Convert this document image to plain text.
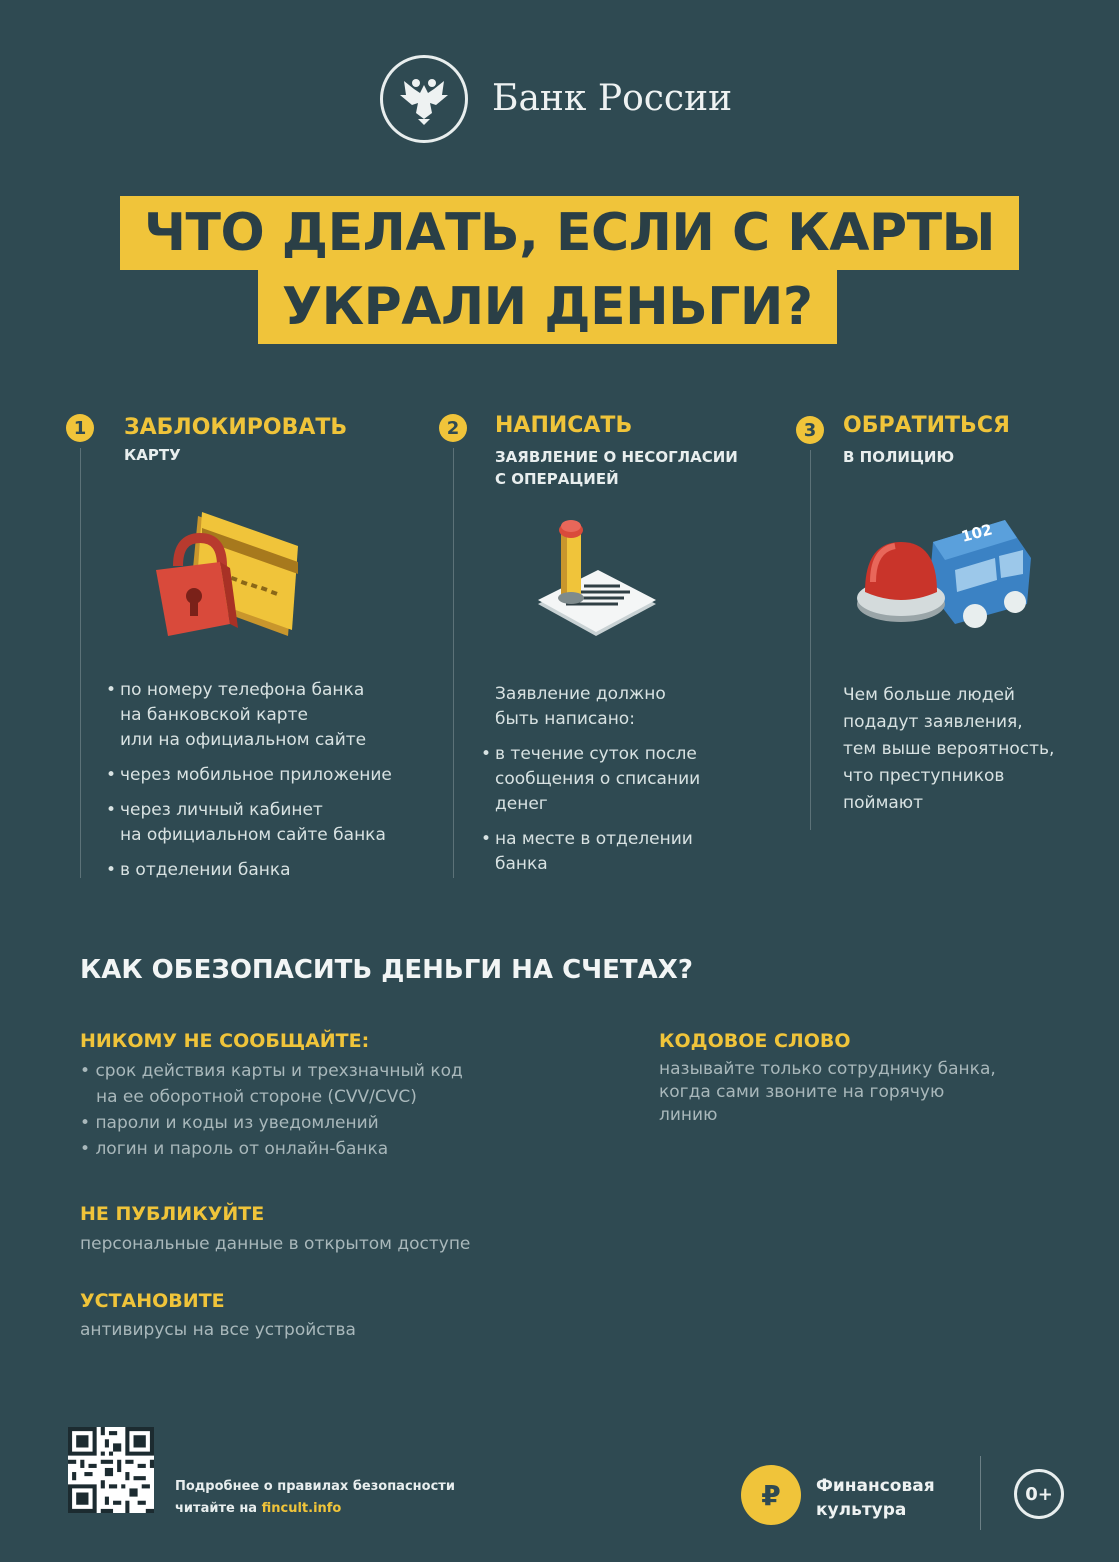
Банк России
ЧТО ДЕЛАТЬ, ЕСЛИ С КАРТЫ
УКРАЛИ ДЕНЬГИ?
1	ЗАБЛОКИРОВАТЬ
КАРТУ
• по номеру телефона банка
на банковской карте
или на официальном сайте
• через мобильное приложение
• через личный кабинет
на официальном сайте банка
• в отделении банка
2	НАПИСАТЬ
ЗАЯВЛЕНИЕ О НЕСОГЛАСИИ
С ОПЕРАЦИЕЙ
Заявление должно
быть написано:
• в течение суток после
сообщения о списании
денег
• на месте в отделении
банка
3	ОБРАТИТЬСЯ
В ПОЛИЦИЮ
102
Чем больше людей
подадут заявления,
тем выше вероятность,
что преступников
поймают
КАК ОБЕЗОПАСИТЬ ДЕНЬГИ НА СЧЕТАХ?
НИКОМУ НЕ СООБЩАЙТЕ:
• срок действия карты и трехзначный код
на ее оборотной стороне (CVV/CVC)
• пароли и коды из уведомлений
• логин и пароль от онлайн-банка
КОДОВОЕ СЛОВО
называйте только сотруднику банка,
когда сами звоните на горячую
линию
НЕ ПУБЛИКУЙТЕ
персональные данные в открытом доступе
УСТАНОВИТЕ
антивирусы на все устройства
Подробнее о правилах безопасности
читайте на fincult.info	₽	Финансовая
культура
0+
